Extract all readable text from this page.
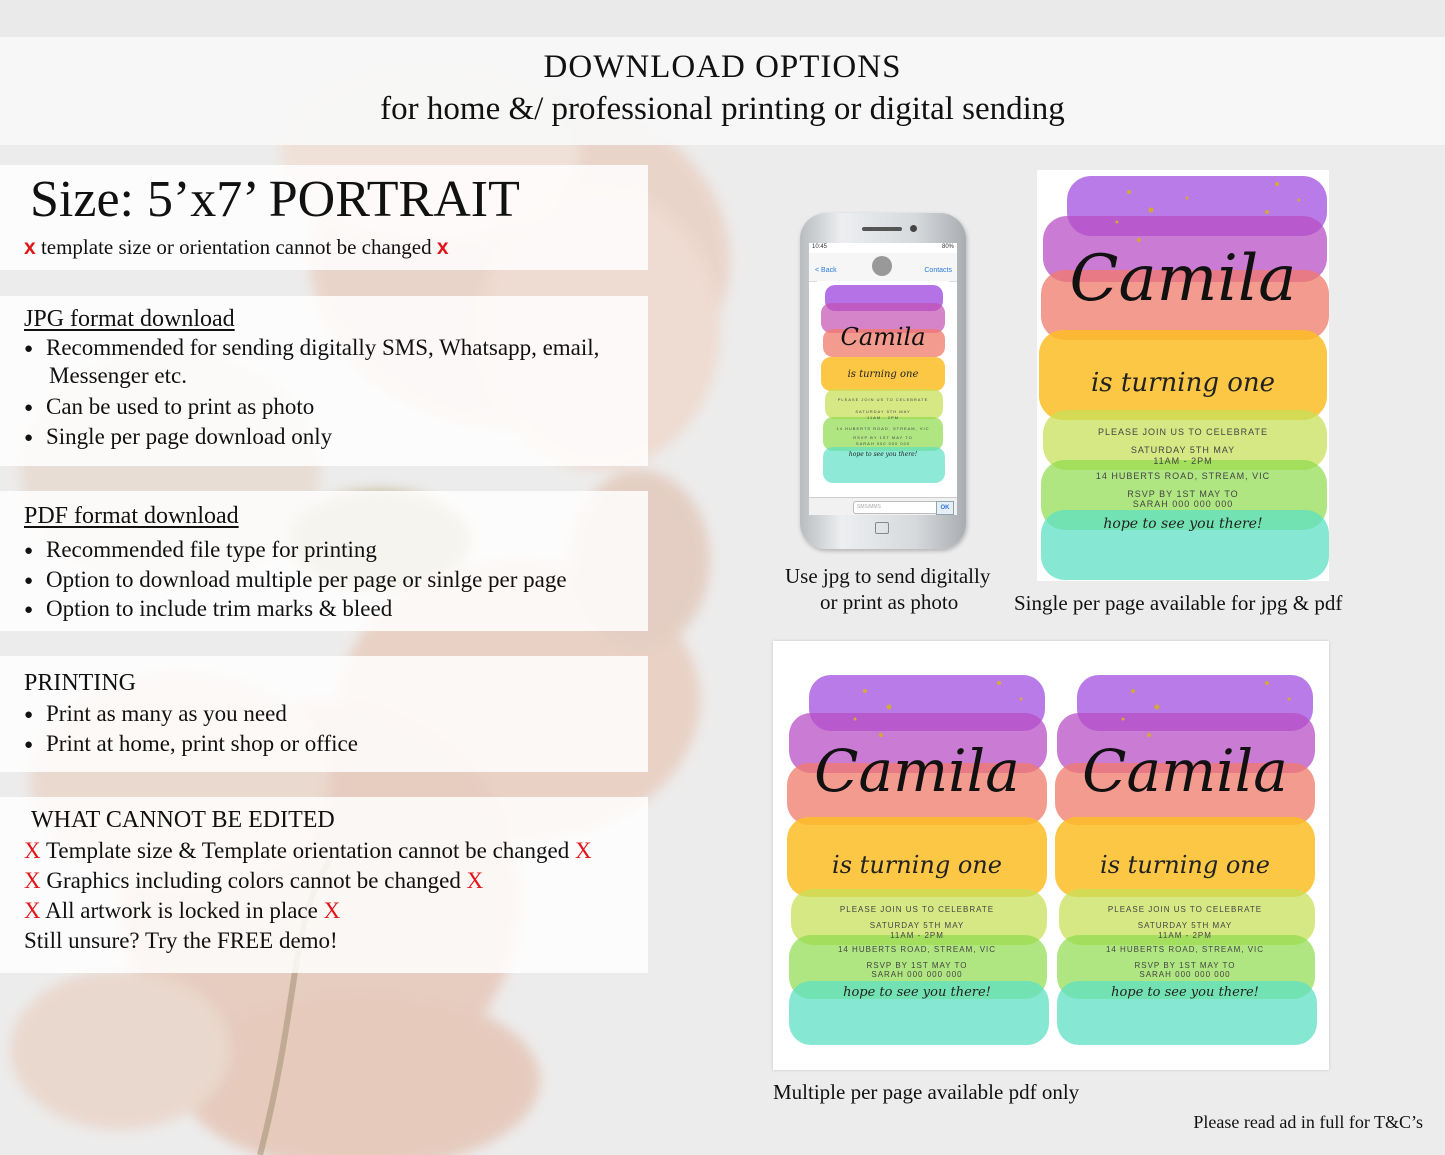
DOWNLOAD OPTIONS
for home &/ professional printing or digital sending
Size: 5’x7’ PORTRAIT
x template size or orientation cannot be changed x
JPG format download
● Recommended for sending digitally SMS, Whatsapp, email,
Messenger etc.
● Can be used to print as photo
● Single per page download only
PDF format download
● Recommended file type for printing
● Option to download multiple per page or sinlge per page
● Option to include trim marks & bleed
PRINTING
● Print as many as you need
● Print at home, print shop or office
WHAT CANNOT BE EDITED
X Template size & Template orientation cannot be changed X
X Graphics including colors cannot be changed X
X All artwork is locked in place X
Still unsure? Try the FREE demo!
10:45	80%
< Back	Contacts
Camila
is turning one
PLEASE JOIN US TO CELEBRATE
SATURDAY 5TH MAY
11AM - 2PM
14 HUBERTS ROAD, STREAM, VIC
RSVP BY 1ST MAY TO
SARAH 000 000 000
hope to see you there!
SMS/MMS	OK
Use jpg to send digitally
or print as photo
Camila
is turning one
PLEASE JOIN US TO CELEBRATE
SATURDAY 5TH MAY
11AM - 2PM
14 HUBERTS ROAD, STREAM, VIC
RSVP BY 1ST MAY TO
SARAH 000 000 000
hope to see you there!
Single per page available for jpg & pdf
Camila
is turning one
PLEASE JOIN US TO CELEBRATE
SATURDAY 5TH MAY
11AM - 2PM
14 HUBERTS ROAD, STREAM, VIC
RSVP BY 1ST MAY TO
SARAH 000 000 000
hope to see you there!
Camila
is turning one
PLEASE JOIN US TO CELEBRATE
SATURDAY 5TH MAY
11AM - 2PM
14 HUBERTS ROAD, STREAM, VIC
RSVP BY 1ST MAY TO
SARAH 000 000 000
hope to see you there!
Multiple per page available pdf only
Please read ad in full for T&C’s
